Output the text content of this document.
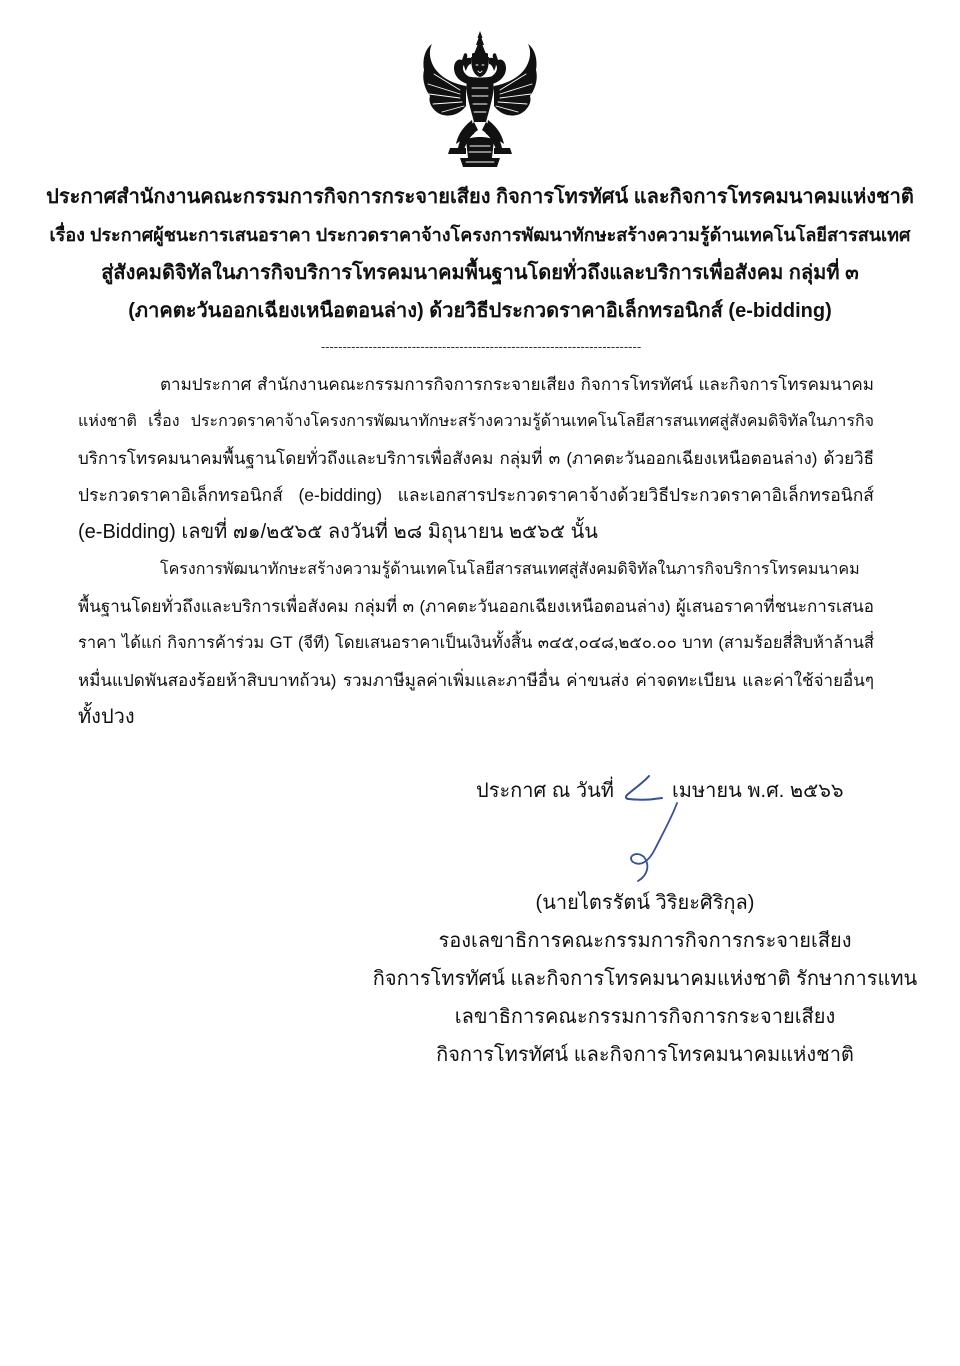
ประกาศสำนักงานคณะกรรมการกิจการกระจายเสียง กิจการโทรทัศน์ และกิจการโทรคมนาคมแห่งชาติ
เรื่อง ประกาศผู้ชนะการเสนอราคา ประกวดราคาจ้างโครงการพัฒนาทักษะสร้างความรู้ด้านเทคโนโลยีสารสนเทศ
สู่สังคมดิจิทัลในภารกิจบริการโทรคมนาคมพื้นฐานโดยทั่วถึงและบริการเพื่อสังคม กลุ่มที่ ๓
(ภาคตะวันออกเฉียงเหนือตอนล่าง) ด้วยวิธีประกวดราคาอิเล็กทรอนิกส์ (e-bidding)
--------------------------------------------------------------------------
ตามประกาศ สำนักงานคณะกรรมการกิจการกระจายเสียง กิจการโทรทัศน์ และกิจการโทรคมนาคม
แห่งชาติ เรื่อง ประกวดราคาจ้างโครงการพัฒนาทักษะสร้างความรู้ด้านเทคโนโลยีสารสนเทศสู่สังคมดิจิทัลในภารกิจ
บริการโทรคมนาคมพื้นฐานโดยทั่วถึงและบริการเพื่อสังคม กลุ่มที่ ๓ (ภาคตะวันออกเฉียงเหนือตอนล่าง) ด้วยวิธี
ประกวดราคาอิเล็กทรอนิกส์ (e-bidding) และเอกสารประกวดราคาจ้างด้วยวิธีประกวดราคาอิเล็กทรอนิกส์
(e-Bidding) เลขที่ ๗๑/๒๕๖๕ ลงวันที่ ๒๘ มิถุนายน ๒๕๖๕ นั้น
โครงการพัฒนาทักษะสร้างความรู้ด้านเทคโนโลยีสารสนเทศสู่สังคมดิจิทัลในภารกิจบริการโทรคมนาคม
พื้นฐานโดยทั่วถึงและบริการเพื่อสังคม กลุ่มที่ ๓ (ภาคตะวันออกเฉียงเหนือตอนล่าง) ผู้เสนอราคาที่ชนะการเสนอ
ราคา ได้แก่ กิจการค้าร่วม GT (จีที) โดยเสนอราคาเป็นเงินทั้งสิ้น ๓๔๕,๐๔๘,๒๕๐.๐๐ บาท (สามร้อยสี่สิบห้าล้านสี่
หมื่นแปดพันสองร้อยห้าสิบบาทถ้วน) รวมภาษีมูลค่าเพิ่มและภาษีอื่น ค่าขนส่ง ค่าจดทะเบียน และค่าใช้จ่ายอื่นๆ
ทั้งปวง
ประกาศ ณ วันที่	เมษายน พ.ศ. ๒๕๖๖
(นายไตรรัตน์ วิริยะศิริกุล)
รองเลขาธิการคณะกรรมการกิจการกระจายเสียง
กิจการโทรทัศน์ และกิจการโทรคมนาคมแห่งชาติ รักษาการแทน
เลขาธิการคณะกรรมการกิจการกระจายเสียง
กิจการโทรทัศน์ และกิจการโทรคมนาคมแห่งชาติ
